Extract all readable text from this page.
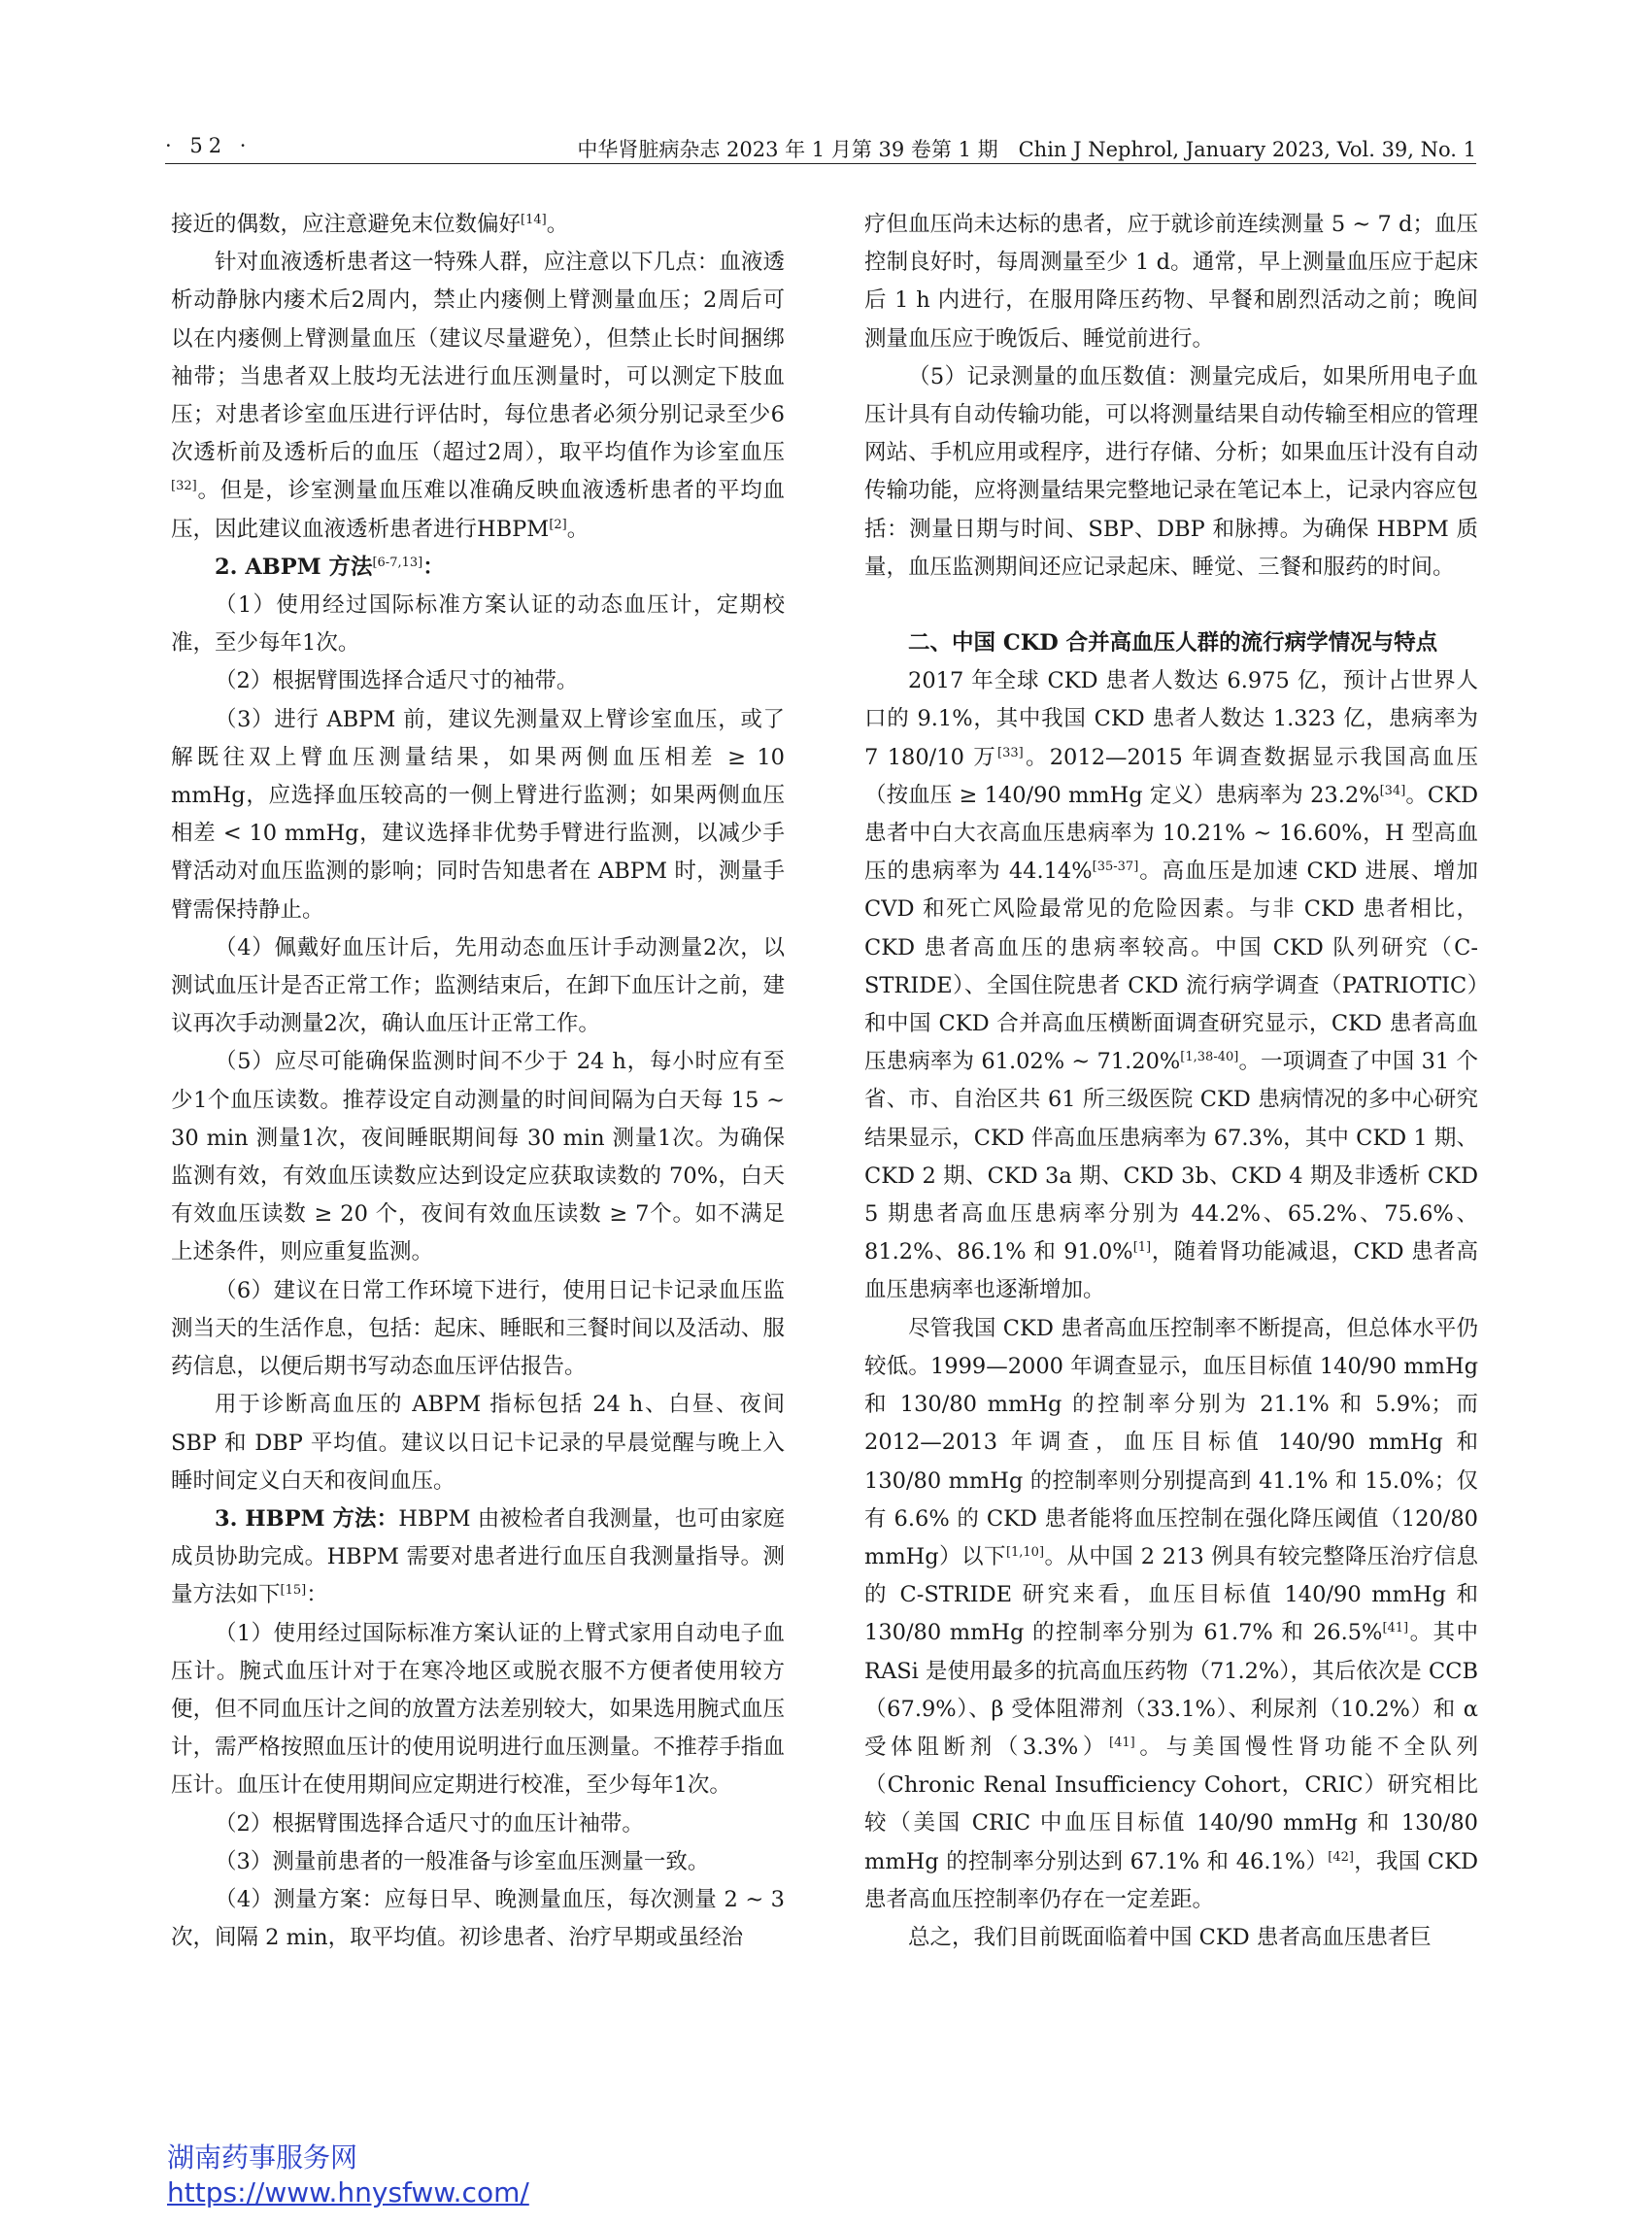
· 52 ·	中华肾脏病杂志 2023 年 1 月第 39 卷第 1 期　Chin J Nephrol, January 2023, Vol. 39, No. 1

接近的偶数，应注意避免末位数偏好[14]。

针对血液透析患者这一特殊人群，应注意以下几点：血液透析动静脉内瘘术后2周内，禁止内瘘侧上臂测量血压；2周后可以在内瘘侧上臂测量血压（建议尽量避免），但禁止长时间捆绑袖带；当患者双上肢均无法进行血压测量时，可以测定下肢血压；对患者诊室血压进行评估时，每位患者必须分别记录至少6次透析前及透析后的血压（超过2周），取平均值作为诊室血压[32]。但是，诊室测量血压难以准确反映血液透析患者的平均血压，因此建议血液透析患者进行HBPM[2]。

2. ABPM 方法[6-7,13]：

（1）使用经过国际标准方案认证的动态血压计，定期校准，至少每年1次。

（2）根据臂围选择合适尺寸的袖带。

（3）进行 ABPM 前，建议先测量双上臂诊室血压，或了解既往双上臂血压测量结果，如果两侧血压相差 ≥ 10 mmHg，应选择血压较高的一侧上臂进行监测；如果两侧血压相差 < 10 mmHg，建议选择非优势手臂进行监测，以减少手臂活动对血压监测的影响；同时告知患者在 ABPM 时，测量手臂需保持静止。

（4）佩戴好血压计后，先用动态血压计手动测量2次，以测试血压计是否正常工作；监测结束后，在卸下血压计之前，建议再次手动测量2次，确认血压计正常工作。

（5）应尽可能确保监测时间不少于 24 h，每小时应有至少1个血压读数。推荐设定自动测量的时间间隔为白天每 15 ~ 30 min 测量1次，夜间睡眠期间每 30 min 测量1次。为确保监测有效，有效血压读数应达到设定应获取读数的 70%，白天有效血压读数 ≥ 20 个，夜间有效血压读数 ≥ 7个。如不满足上述条件，则应重复监测。

（6）建议在日常工作环境下进行，使用日记卡记录血压监测当天的生活作息，包括：起床、睡眠和三餐时间以及活动、服药信息，以便后期书写动态血压评估报告。

用于诊断高血压的 ABPM 指标包括 24 h、白昼、夜间 SBP 和 DBP 平均值。建议以日记卡记录的早晨觉醒与晚上入睡时间定义白天和夜间血压。

3. HBPM 方法：HBPM 由被检者自我测量，也可由家庭成员协助完成。HBPM 需要对患者进行血压自我测量指导。测量方法如下[15]：

（1）使用经过国际标准方案认证的上臂式家用自动电子血压计。腕式血压计对于在寒冷地区或脱衣服不方便者使用较方便，但不同血压计之间的放置方法差别较大，如果选用腕式血压计，需严格按照血压计的使用说明进行血压测量。不推荐手指血压计。血压计在使用期间应定期进行校准，至少每年1次。

（2）根据臂围选择合适尺寸的血压计袖带。

（3）测量前患者的一般准备与诊室血压测量一致。

（4）测量方案：应每日早、晚测量血压，每次测量 2 ~ 3次，间隔 2 min，取平均值。初诊患者、治疗早期或虽经治

疗但血压尚未达标的患者，应于就诊前连续测量 5 ~ 7 d；血压控制良好时，每周测量至少 1 d。通常，早上测量血压应于起床后 1 h 内进行，在服用降压药物、早餐和剧烈活动之前；晚间测量血压应于晚饭后、睡觉前进行。

（5）记录测量的血压数值：测量完成后，如果所用电子血压计具有自动传输功能，可以将测量结果自动传输至相应的管理网站、手机应用或程序，进行存储、分析；如果血压计没有自动传输功能，应将测量结果完整地记录在笔记本上，记录内容应包括：测量日期与时间、SBP、DBP 和脉搏。为确保 HBPM 质量，血压监测期间还应记录起床、睡觉、三餐和服药的时间。

二、中国 CKD 合并高血压人群的流行病学情况与特点

2017 年全球 CKD 患者人数达 6.975 亿，预计占世界人口的 9.1%，其中我国 CKD 患者人数达 1.323 亿，患病率为 7 180/10 万[33]。2012—2015 年调查数据显示我国高血压（按血压 ≥ 140/90 mmHg 定义）患病率为 23.2%[34]。CKD 患者中白大衣高血压患病率为 10.21% ~ 16.60%，H 型高血压的患病率为 44.14%[35-37]。高血压是加速 CKD 进展、增加 CVD 和死亡风险最常见的危险因素。与非 CKD 患者相比，CKD 患者高血压的患病率较高。中国 CKD 队列研究（C-STRIDE）、全国住院患者 CKD 流行病学调查（PATRIOTIC）和中国 CKD 合并高血压横断面调查研究显示，CKD 患者高血压患病率为 61.02% ~ 71.20%[1,38-40]。一项调查了中国 31 个省、市、自治区共 61 所三级医院 CKD 患病情况的多中心研究结果显示，CKD 伴高血压患病率为 67.3%，其中 CKD 1 期、CKD 2 期、CKD 3a 期、CKD 3b、CKD 4 期及非透析 CKD 5 期患者高血压患病率分别为 44.2%、65.2%、75.6%、81.2%、86.1% 和 91.0%[1]，随着肾功能减退，CKD 患者高血压患病率也逐渐增加。

尽管我国 CKD 患者高血压控制率不断提高，但总体水平仍较低。1999—2000 年调查显示，血压目标值 140/90 mmHg 和 130/80 mmHg 的控制率分别为 21.1% 和 5.9%；而 2012—2013 年调查，血压目标值 140/90 mmHg 和 130/80 mmHg 的控制率则分别提高到 41.1% 和 15.0%；仅有 6.6% 的 CKD 患者能将血压控制在强化降压阈值（120/80 mmHg）以下[1,10]。从中国 2 213 例具有较完整降压治疗信息的 C-STRIDE 研究来看，血压目标值 140/90 mmHg 和 130/80 mmHg 的控制率分别为 61.7% 和 26.5%[41]。其中 RASi 是使用最多的抗高血压药物（71.2%），其后依次是 CCB（67.9%）、β 受体阻滞剂（33.1%）、利尿剂（10.2%）和 α 受体阻断剂（3.3%）[41]。与美国慢性肾功能不全队列（Chronic Renal Insufficiency Cohort，CRIC）研究相比较（美国 CRIC 中血压目标值 140/90 mmHg 和 130/80 mmHg 的控制率分别达到 67.1% 和 46.1%）[42]，我国 CKD 患者高血压控制率仍存在一定差距。

总之，我们目前既面临着中国 CKD 患者高血压患者巨

湖南药事服务网
https://www.hnysfww.com/
